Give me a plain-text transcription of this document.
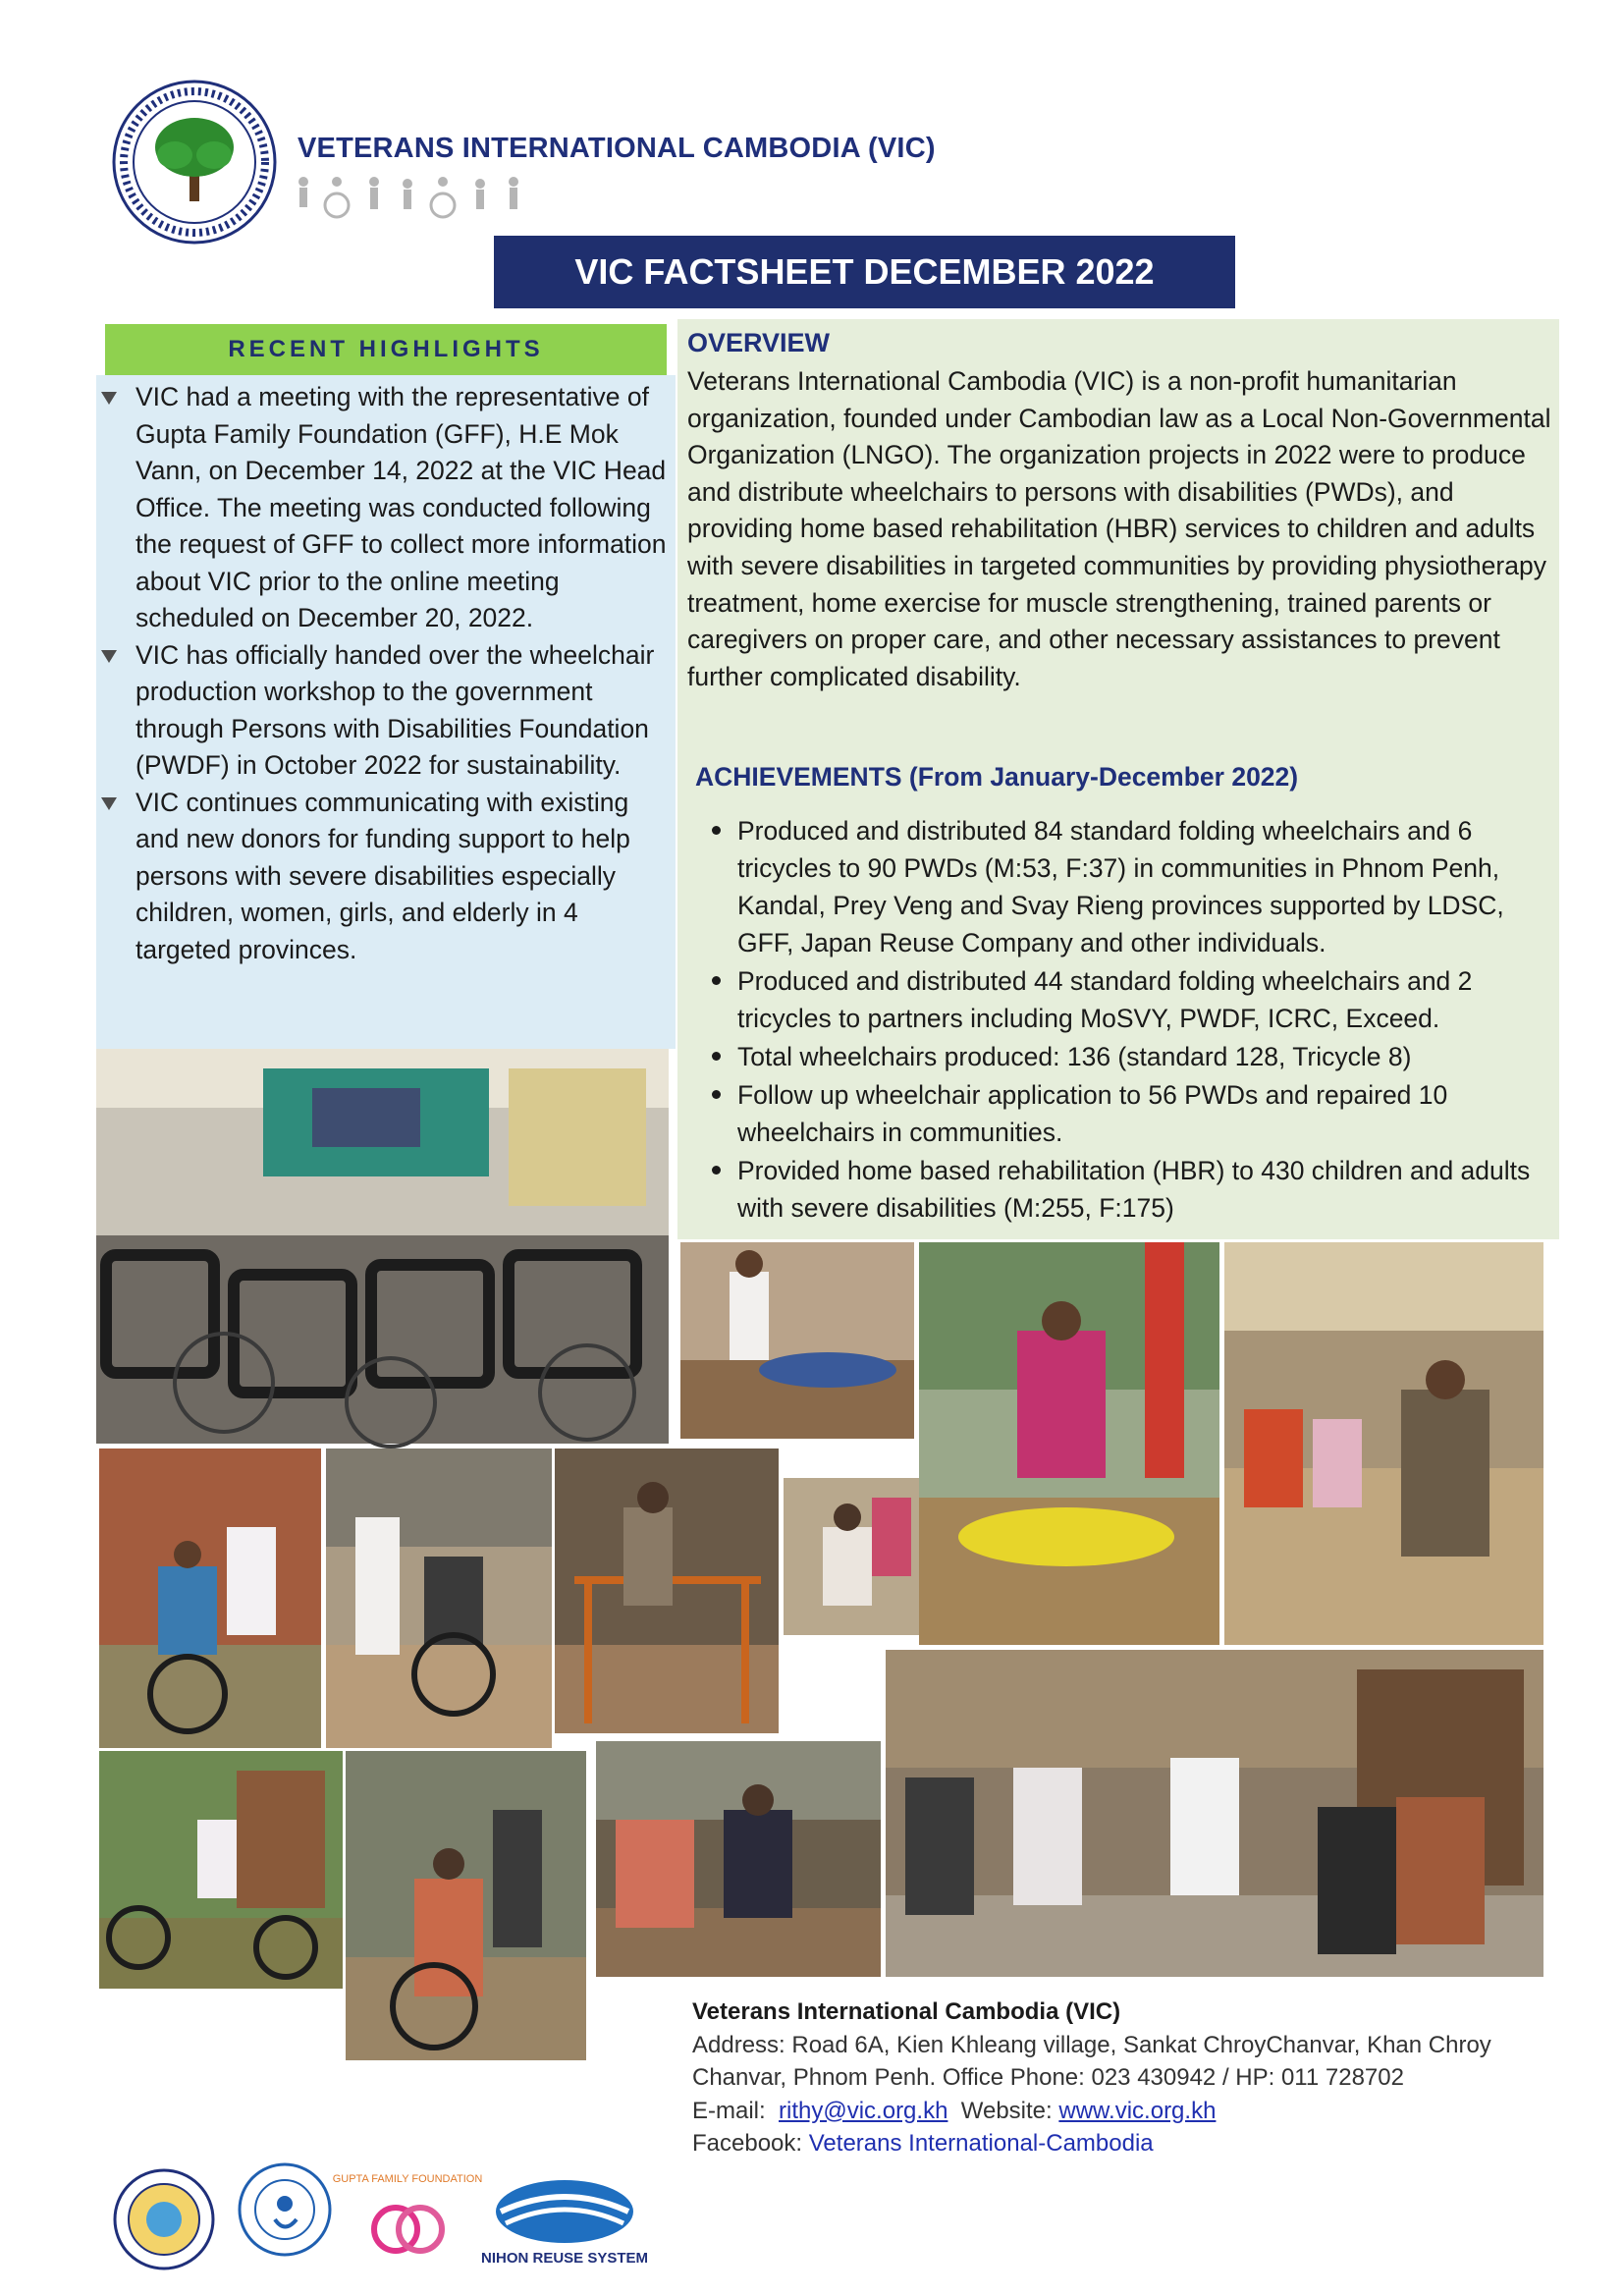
VETERANS INTERNATIONAL CAMBODIA (VIC)
VIC FACTSHEET DECEMBER 2022
RECENT HIGHLIGHTS
VIC had a meeting with the representative of Gupta Family Foundation (GFF), H.E Mok Vann, on December 14, 2022 at the VIC Head Office. The meeting was conducted following the request of GFF to collect more information about VIC prior to the online meeting scheduled on December 20, 2022.
VIC has officially handed over the wheelchair production workshop to the government through Persons with Disabilities Foundation (PWDF) in October 2022 for sustainability.
VIC continues communicating with existing and new donors for funding support to help persons with severe disabilities especially children, women, girls, and elderly in 4 targeted provinces.
OVERVIEW

Veterans International Cambodia (VIC) is a non-profit humanitarian organization, founded under Cambodian law as a Local Non-Governmental Organization (LNGO). The organization projects in 2022 were to produce and distribute wheelchairs to persons with disabilities (PWDs), and providing home based rehabilitation (HBR) services to children and adults with severe disabilities in targeted communities by providing physiotherapy treatment, home exercise for muscle strengthening, trained parents or caregivers on proper care, and other necessary assistances to prevent further complicated disability.

ACHIEVEMENTS (From January-December 2022)
Produced and distributed 84 standard folding wheelchairs and 6 tricycles to 90 PWDs (M:53, F:37) in communities in Phnom Penh, Kandal, Prey Veng and Svay Rieng provinces supported by LDSC, GFF, Japan Reuse Company and other individuals.
Produced and distributed 44 standard folding wheelchairs and 2 tricycles to partners including MoSVY, PWDF, ICRC, Exceed.
Total wheelchairs produced: 136 (standard 128, Tricycle 8)
Follow up wheelchair application to 56 PWDs and repaired 10 wheelchairs in communities.
Provided home based rehabilitation (HBR) to 430 children and adults with severe disabilities (M:255, F:175)
Veterans International Cambodia (VIC)
Address: Road 6A, Kien Khleang village, Sankat ChroyChanvar, Khan Chroy Chanvar, Phnom Penh. Office Phone: 023 430942 / HP: 011 728702
E-mail: rithy@vic.org.kh Website: www.vic.org.kh
Facebook: Veterans International-Cambodia
GUPTA FAMILY FOUNDATION
NIHON REUSE SYSTEM
